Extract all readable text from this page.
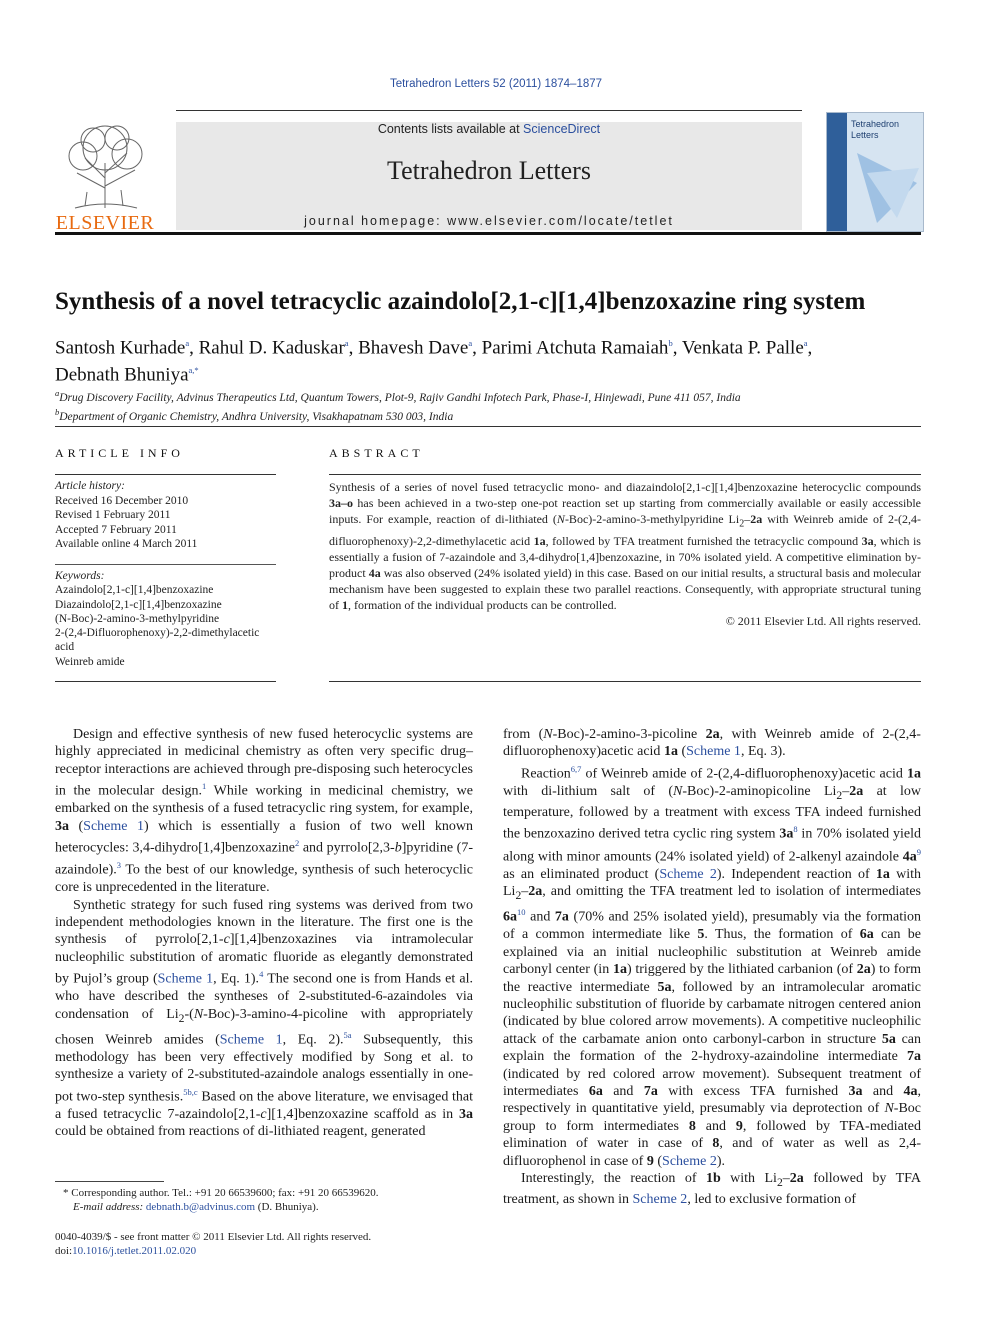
Tetrahedron Letters 52 (2011) 1874–1877
ELSEVIER
Contents lists available at ScienceDirect
Tetrahedron Letters
journal homepage: www.elsevier.com/locate/tetlet
Tetrahedron
Letters
Synthesis of a novel tetracyclic azaindolo[2,1-c][1,4]benzoxazine ring system
Santosh Kurhade$^a$, Rahul D. Kaduskar$^a$, Bhavesh Dave$^a$, Parimi Atchuta Ramaiah$^b$, Venkata P. Palle$^a$,
Debnath Bhuniya$^{a,*}$
$^a$Drug Discovery Facility, Advinus Therapeutics Ltd, Quantum Towers, Plot-9, Rajiv Gandhi Infotech Park, Phase-I, Hinjewadi, Pune 411 057, India
$^b$Department of Organic Chemistry, Andhra University, Visakhapatnam 530 003, India
ARTICLE INFO
Article history:
Received 16 December 2010
Revised 1 February 2011
Accepted 7 February 2011
Available online 4 March 2011
Keywords:
Azaindolo[2,1-c][1,4]benzoxazine
Diazaindolo[2,1-c][1,4]benzoxazine
(N-Boc)-2-amino-3-methylpyridine
2-(2,4-Difluorophenoxy)-2,2-dimethylacetic acid
Weinreb amide
ABSTRACT
Synthesis of a series of novel fused tetracyclic mono- and diazaindolo[2,1-c][1,4]benzoxazine heterocyclic compounds 3a–o has been achieved in a two-step one-pot reaction set up starting from commercially available or easily accessible inputs. For example, reaction of di-lithiated (N-Boc)-2-amino-3-methylpyridine $Li_2-2a$ with Weinreb amide of 2-(2,4-difluorophenoxy)-2,2-dimethylacetic acid 1a, followed by TFA treatment furnished the tetracyclic compound 3a, which is essentially a fusion of 7-azaindole and 3,4-dihydro[1,4]benzoxazine, in 70% isolated yield. A competitive elimination by-product 4a was also observed (24% isolated yield) in this case. Based on our initial results, a structural basis and molecular mechanism have been suggested to explain these two parallel reactions. Consequently, with appropriate structural tuning of 1, formation of the individual products can be controlled.
© 2011 Elsevier Ltd. All rights reserved.

Design and effective synthesis of new fused heterocyclic systems are highly appreciated in medicinal chemistry as often very specific drug–receptor interactions are achieved through pre-disposing such heterocycles in the molecular design.$^1$ While working in medicinal chemistry, we embarked on the synthesis of a fused tetracyclic ring system, for example, 3a (Scheme 1) which is essentially a fusion of two well known heterocycles: 3,4-dihydro[1,4]benzoxazine$^2$ and pyrrolo[2,3-b]pyridine (7-azaindole).$^3$ To the best of our knowledge, synthesis of such heterocyclic core is unprecedented in the literature.

Synthetic strategy for such fused ring systems was derived from two independent methodologies known in the literature. The first one is the synthesis of pyrrolo[2,1-c][1,4]benzoxazines via intramolecular nucleophilic substitution of aromatic fluoride as elegantly demonstrated by Pujol’s group (Scheme 1, Eq. 1).$^4$ The second one is from Hands et al. who have described the syntheses of 2-substituted-6-azaindoles via condensation of $Li_2-(N-Boc)-3-amino-4$-picoline with appropriately chosen Weinreb amides (Scheme 1, Eq. 2).$^{5a}$ Subsequently, this methodology has been very effectively modified by Song et al. to synthesize a variety of 2-substituted-azaindole analogs essentially in one-pot two-step synthesis.$^{5b,c}$ Based on the above literature, we envisaged that a fused tetracyclic 7-azaindolo[2,1-c][1,4]benzoxazine scaffold as in 3a could be obtained from reactions of di-lithiated reagent, generated

from (N-Boc)-2-amino-3-picoline 2a, with Weinreb amide of 2-(2,4-difluorophenoxy)acetic acid 1a (Scheme 1, Eq. 3).

Reaction$^{6,7}$ of Weinreb amide of 2-(2,4-difluorophenoxy)acetic acid 1a with di-lithium salt of (N-Boc)-2-aminopicoline $Li_2-2a$ at low temperature, followed by a treatment with excess TFA indeed furnished the benzoxazino derived tetra cyclic ring system $3a^8$ in 70% isolated yield along with minor amounts (24% isolated yield) of 2-alkenyl azaindole $4a^9$ as an eliminated product (Scheme 2). Independent reaction of 1a with $Li_2-2a$, and omitting the TFA treatment led to isolation of intermediates $6a^{10}$ and 7a (70% and 25% isolated yield), presumably via the formation of a common intermediate like 5. Thus, the formation of 6a can be explained via an initial nucleophilic substitution at Weinreb amide carbonyl center (in 1a) triggered by the lithiated carbanion (of 2a) to form the reactive intermediate 5a, followed by an intramolecular aromatic nucleophilic substitution of fluoride by carbamate nitrogen centered anion (indicated by blue colored arrow movements). A competitive nucleophilic attack of the carbamate anion onto carbonyl-carbon in structure 5a can explain the formation of the 2-hydroxy-azaindoline intermediate 7a (indicated by red colored arrow movement). Subsequent treatment of intermediates 6a and 7a with excess TFA furnished 3a and 4a, respectively in quantitative yield, presumably via deprotection of N-Boc group to form intermediates 8 and 9, followed by TFA-mediated elimination of water in case of 8, and of water as well as 2,4-difluorophenol in case of 9 (Scheme 2).

Interestingly, the reaction of 1b with $Li_2-2a$ followed by TFA treatment, as shown in Scheme 2, led to exclusive formation of

* Corresponding author. Tel.: +91 20 66539600; fax: +91 20 66539620.
E-mail address: debnath.b@advinus.com (D. Bhuniya).
0040-4039/$ - see front matter © 2011 Elsevier Ltd. All rights reserved.
doi:10.1016/j.tetlet.2011.02.020
